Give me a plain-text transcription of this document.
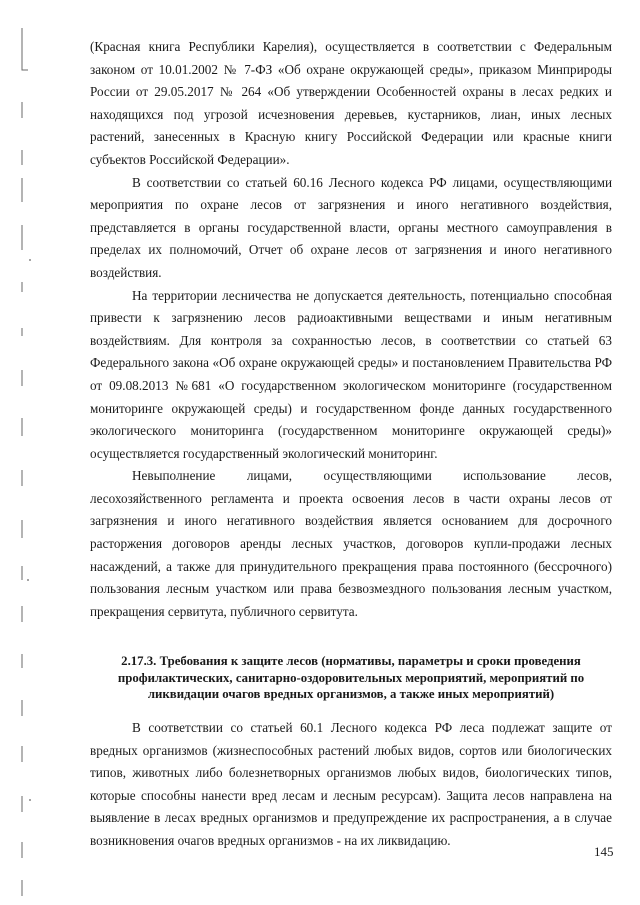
(Красная книга Республики Карелия), осуществляется в соответствии с Федеральным законом от 10.01.2002 № 7-ФЗ «Об охране окружающей среды», приказом Минприроды России от 29.05.2017 № 264 «Об утверждении Особенностей охраны в лесах редких и находящихся под угрозой исчезновения деревьев, кустарников, лиан, иных лесных растений, занесенных в Красную книгу Российской Федерации или красные книги субъектов Российской Федерации».

В соответствии со статьей 60.16 Лесного кодекса РФ лицами, осуществляющими мероприятия по охране лесов от загрязнения и иного негативного воздействия, представляется в органы государственной власти, органы местного самоуправления в пределах их полномочий, Отчет об охране лесов от загрязнения и иного негативного воздействия.

На территории лесничества не допускается деятельность, потенциально способная привести к загрязнению лесов радиоактивными веществами и иным негативным воздействиям. Для контроля за сохранностью лесов, в соответствии со статьей 63 Федерального закона «Об охране окружающей среды» и постановлением Правительства РФ от 09.08.2013 №681 «О государственном экологическом мониторинге (государственном мониторинге окружающей среды) и государственном фонде данных государственного экологического мониторинга (государственном мониторинге окружающей среды)» осуществляется государственный экологический мониторинг.

Невыполнение лицами, осуществляющими использование лесов, лесохозяйственного регламента и проекта освоения лесов в части охраны лесов от загрязнения и иного негативного воздействия является основанием для досрочного расторжения договоров аренды лесных участков, договоров купли-продажи лесных насаждений, а также для принудительного прекращения права постоянного (бессрочного) пользования лесным участком или права безвозмездного пользования лесным участком, прекращения сервитута, публичного сервитута.

2.17.3. Требования к защите лесов (нормативы, параметры и сроки проведения профилактических, санитарно-оздоровительных мероприятий, мероприятий по ликвидации очагов вредных организмов, а также иных мероприятий)

В соответствии со статьей 60.1 Лесного кодекса РФ леса подлежат защите от вредных организмов (жизнеспособных растений любых видов, сортов или биологических типов, животных либо болезнетворных организмов любых видов, биологических типов, которые способны нанести вред лесам и лесным ресурсам). Защита лесов направлена на выявление в лесах вредных организмов и предупреждение их распространения, а в случае возникновения очагов вредных организмов - на их ликвидацию.

145
